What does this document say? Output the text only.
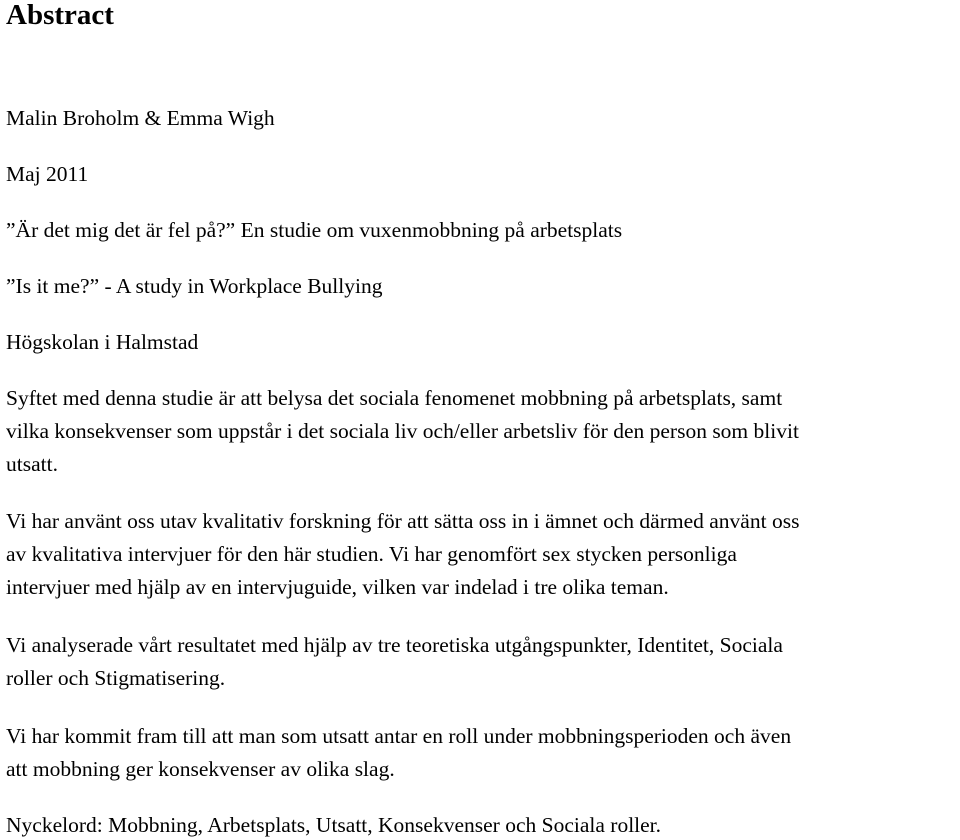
Abstract

Malin Broholm & Emma Wigh

Maj 2011

”Är det mig det är fel på?” En studie om vuxenmobbning på arbetsplats

”Is it me?” - A study in Workplace Bullying

Högskolan i Halmstad

Syftet med denna studie är att belysa det sociala fenomenet mobbning på arbetsplats, samt
vilka konsekvenser som uppstår i det sociala liv och/eller arbetsliv för den person som blivit
utsatt.
Vi har använt oss utav kvalitativ forskning för att sätta oss in i ämnet och därmed använt oss
av kvalitativa intervjuer för den här studien. Vi har genomfört sex stycken personliga
intervjuer med hjälp av en intervjuguide, vilken var indelad i tre olika teman.
Vi analyserade vårt resultatet med hjälp av tre teoretiska utgångspunkter, Identitet, Sociala
roller och Stigmatisering.
Vi har kommit fram till att man som utsatt antar en roll under mobbningsperioden och även
att mobbning ger konsekvenser av olika slag.

Nyckelord: Mobbning, Arbetsplats, Utsatt, Konsekvenser och Sociala roller.
